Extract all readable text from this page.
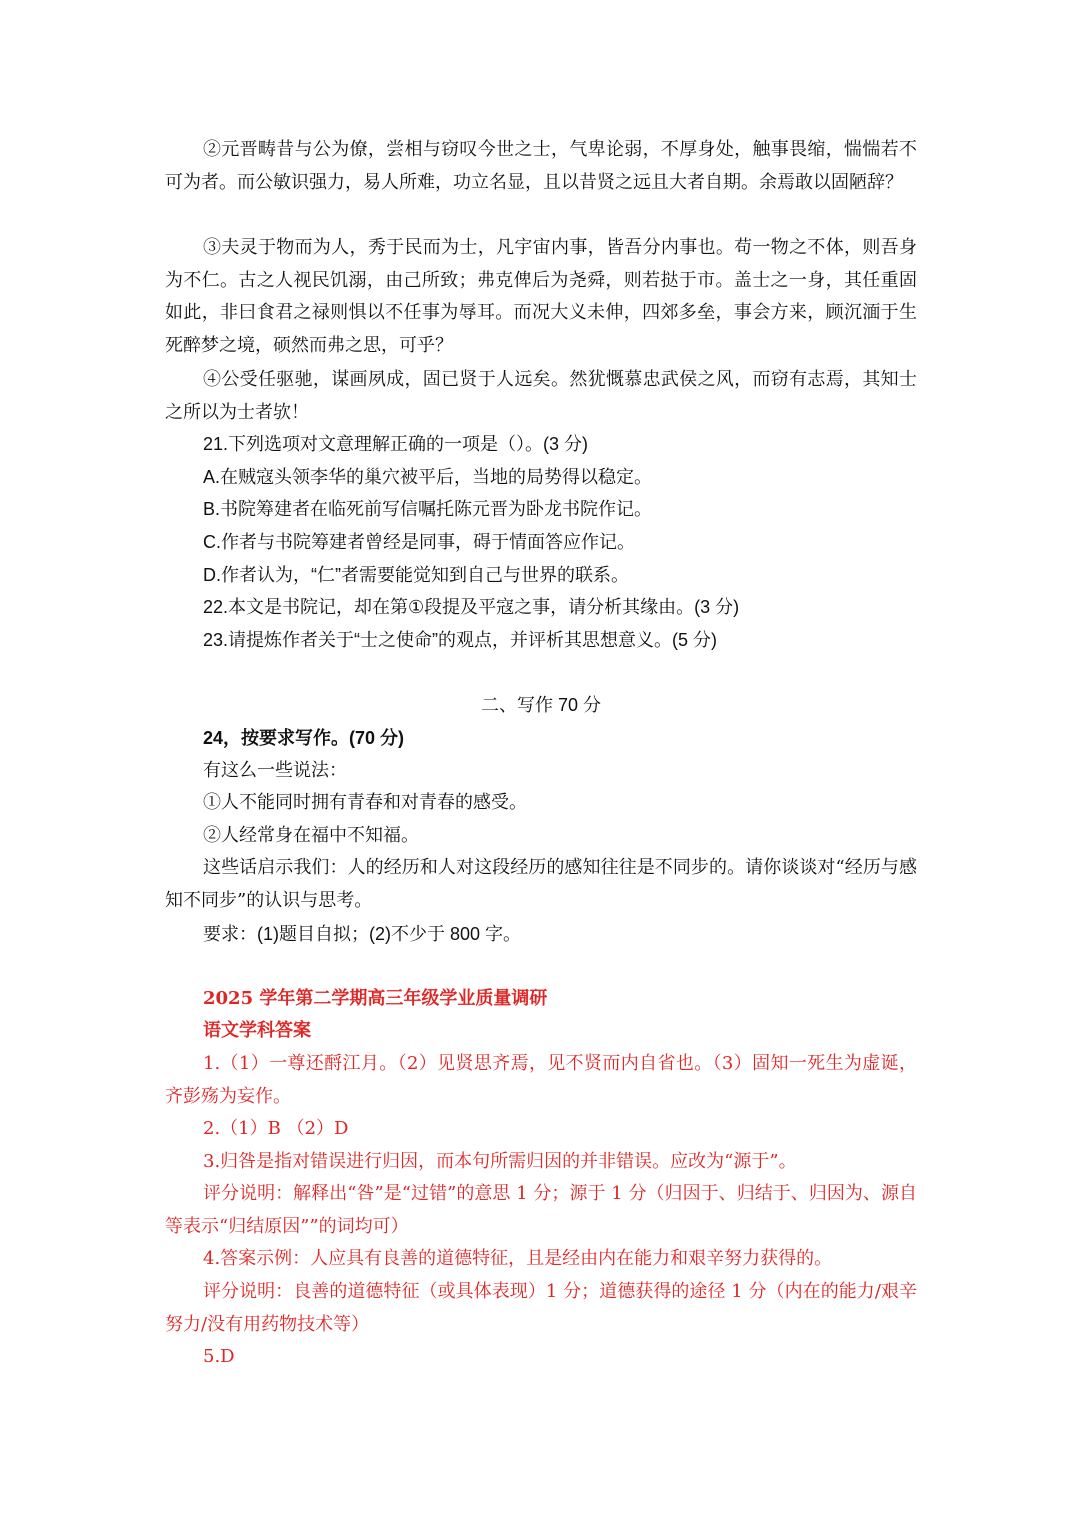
②元晋畴昔与公为僚，尝相与窃叹今世之士，气卑论弱，不厚身处，触事畏缩，惴惴若不可为者。而公敏识强力，易人所难，功立名显，且以昔贤之远且大者自期。余焉敢以固陋辞？

③夫灵于物而为人，秀于民而为士，凡宇宙内事，皆吾分内事也。苟一物之不体，则吾身为不仁。古之人视民饥溺，由己所致；弗克俾后为尧舜，则若挞于市。盖士之一身，其任重固如此，非曰食君之禄则惧以不任事为辱耳。而况大义未伸，四郊多垒，事会方来，顾沉湎于生死醉梦之境，硕然而弗之思，可乎？

④公受任驱驰，谋画夙成，固已贤于人远矣。然犹慨慕忠武侯之风，而窃有志焉，其知士之所以为士者欤！

21.下列选项对文意理解正确的一项是（）。(3 分)

A.在贼寇头领李华的巢穴被平后，当地的局势得以稳定。

B.书院筹建者在临死前写信嘱托陈元晋为卧龙书院作记。

C.作者与书院筹建者曾经是同事，碍于情面答应作记。

D.作者认为，“仁”者需要能觉知到自己与世界的联系。

22.本文是书院记，却在第①段提及平寇之事，请分析其缘由。(3 分)

23.请提炼作者关于“士之使命”的观点，并评析其思想意义。(5 分)

二、写作 70 分

24，按要求写作。(70 分)

有这么一些说法：

①人不能同时拥有青春和对青春的感受。

②人经常身在福中不知福。

这些话启示我们：人的经历和人对这段经历的感知往往是不同步的。请你谈谈对“经历与感知不同步”的认识与思考。

要求：(1)题目自拟；(2)不少于 800 字。

2025 学年第二学期高三年级学业质量调研

语文学科答案

1.（1）一尊还酹江月。（2）见贤思齐焉，见不贤而内自省也。（3）固知一死生为虚诞，齐彭殇为妄作。

2.（1）B （2）D

3.归咎是指对错误进行归因，而本句所需归因的并非错误。应改为“源于”。

评分说明：解释出“咎”是“过错”的意思 1 分；源于 1 分（归因于、归结于、归因为、源自等表示“归结原因””的词均可）

4.答案示例：人应具有良善的道德特征，且是经由内在能力和艰辛努力获得的。

评分说明：良善的道德特征（或具体表现）1 分；道德获得的途径 1 分（内在的能力/艰辛努力/没有用药物技术等）

5.D
